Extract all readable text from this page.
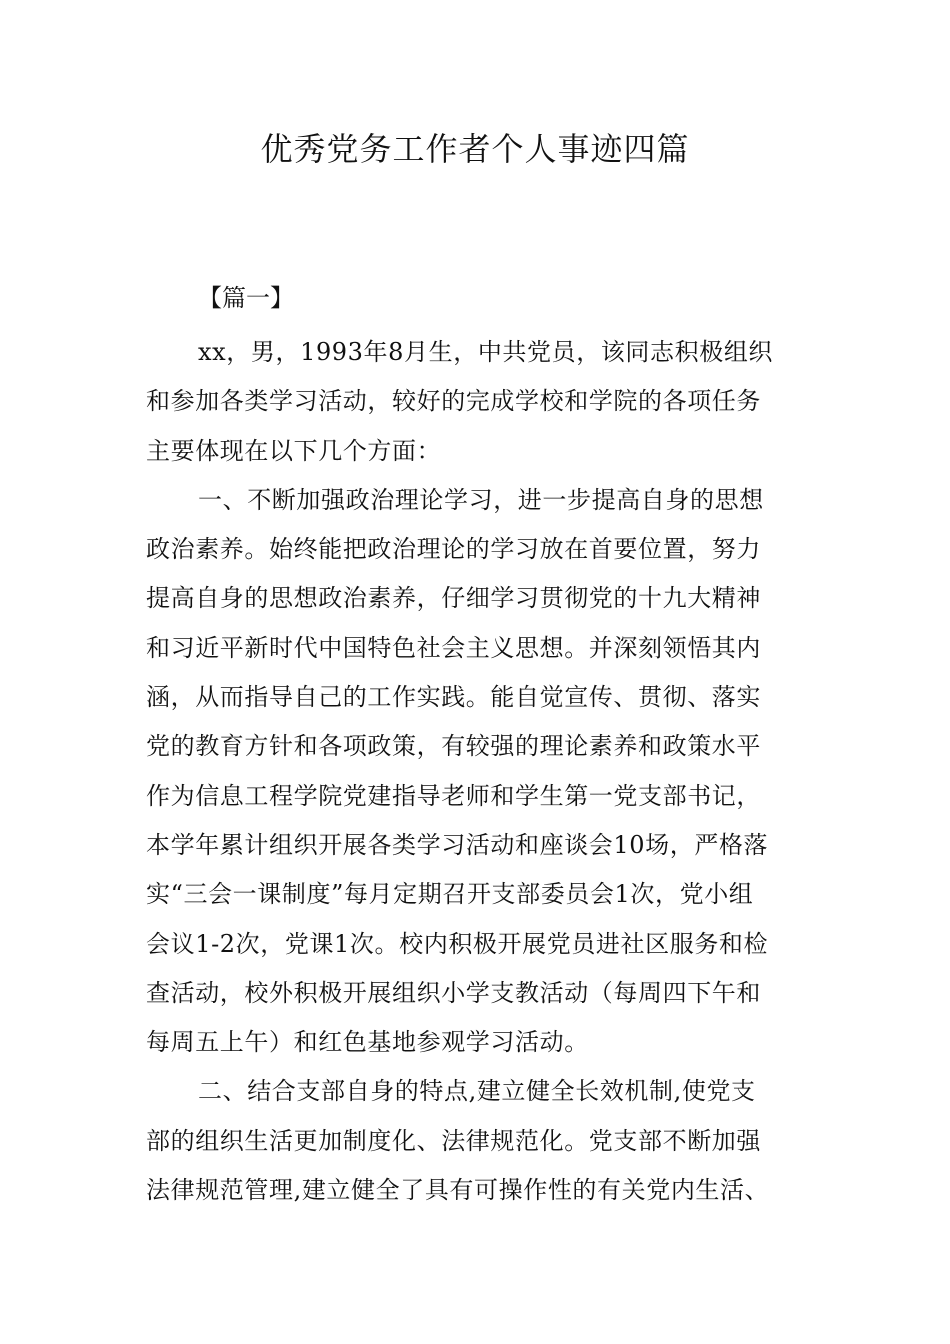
优秀党务工作者个人事迹四篇

【篇一】

xx，男，1993年8月生，中共党员，该同志积极组织
和参加各类学习活动，较好的完成学校和学院的各项任务
主要体现在以下几个方面：
一、不断加强政治理论学习，进一步提高自身的思想
政治素养。始终能把政治理论的学习放在首要位置，努力
提高自身的思想政治素养，仔细学习贯彻党的十九大精神
和习近平新时代中国特色社会主义思想。并深刻领悟其内
涵，从而指导自己的工作实践。能自觉宣传、贯彻、落实
党的教育方针和各项政策，有较强的理论素养和政策水平
作为信息工程学院党建指导老师和学生第一党支部书记，
本学年累计组织开展各类学习活动和座谈会10场，严格落
实“三会一课制度”每月定期召开支部委员会1次，党小组
会议1-2次，党课1次。校内积极开展党员进社区服务和检
查活动，校外积极开展组织小学支教活动（每周四下午和
每周五上午）和红色基地参观学习活动。
二、结合支部自身的特点,建立健全长效机制,使党支
部的组织生活更加制度化、法律规范化。党支部不断加强
法律规范管理,建立健全了具有可操作性的有关党内生活、
